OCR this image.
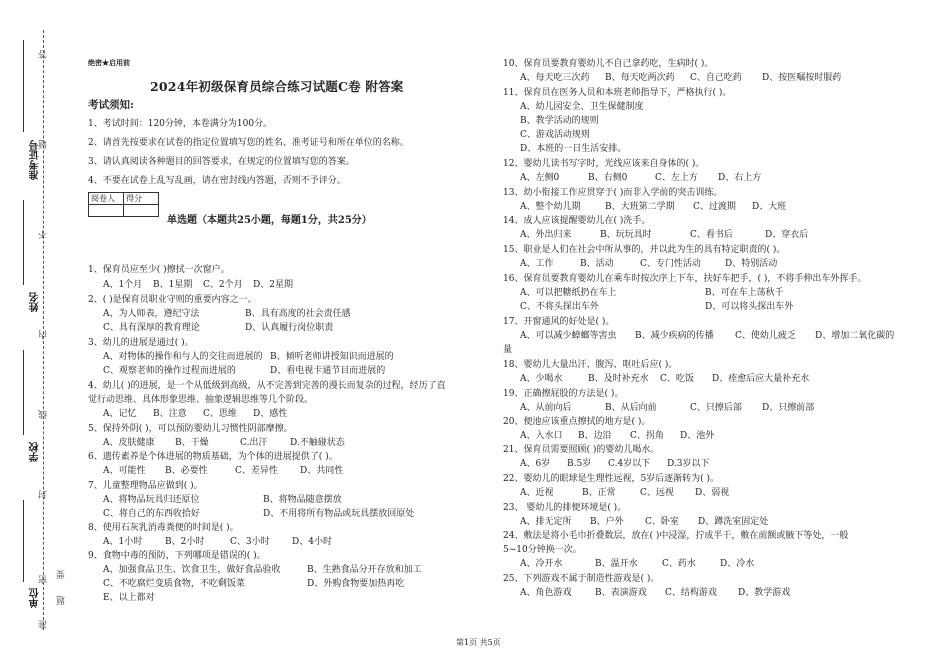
答
题
不
内
线
封
密
题
要
准
准考证号
姓名
学校
单位
绝密★启用前
2024年初级保育员综合练习试题C卷 附答案
考试须知:
1、考试时间：120分钟，本卷满分为100分。
2、请首先按要求在试卷的指定位置填写您的姓名、准考证号和所在单位的名称。
3、请认真阅读各种题目的回答要求，在规定的位置填写您的答案。
4、不要在试卷上乱写乱画，请在密封线内答题，否则不予评分。
阅卷人	得分

单选题（本题共25小题，每题1分，共25分）
1、保育员应至少( )擦拭一次窗户。
A、1个月 B、1星期 C、2个月 D、2星期
2、( )是保育员职业守则的重要内容之一。
A、为人师表，遵纪守法	B、具有高度的社会责任感
C、具有深厚的教育理论	D、认真履行岗位职责
3、幼儿的进展是通过( )。
A、对物体的操作和与人的交往而进展的 B、倾听老师讲授知识而进展的
C、观察老师的操作过程而进展的	D、看电视卡通节目而进展的
4、幼儿( )的进展，是一个从低级到高级，从不完善到完善的漫长而复杂的过程，经历了直
觉行动思维、具体形象思维、抽象逻辑思维等几个阶段。
A、记忆 B、注意 C、思维 D、感性
5、保持外阴( )，可以预防婴幼儿习惯性阴部摩擦。
A、皮肤健康 B、干燥	C.出汗	D.不触碰状态
6、遗传素养是个体进展的物质基础，为个体的进展提供了( )。
A、可能性 B、必要性	C、差异性 D、共同性
7、儿童整理物品应做到( )。
A、将物品玩具归还原位	B、将物品随意摆放
C、将自己的东西收拾好	D、不用将所有物品或玩具摆放回原处
8、使用石灰乳消毒粪便的时间是( )。
A、1小时	B、2小时	C、3小时 D、4小时
9、食物中毒的预防，下列哪项是错误的( )。
A、加强食品卫生、饮食卫生，做好食品验收	B、生熟食品分开存放和加工
C、不吃腐烂变质食物，不吃剩饭菜	D、外购食物要加热再吃
E、以上都对
10、保育员要教育婴幼儿不自己拿药吃，生病时( )。
A、每天吃三次药 B、每天吃两次药 C、自己吃药 D、按医嘱按时服药
11、保育员在医务人员和本班老师指导下，严格执行( )。
A、幼儿园安全、卫生保健制度
B、教学活动的规则
C、游戏活动规则
D、本班的一日生活安排。
12、婴幼儿读书写字时，光线应该来自身体的( )。
A、左侧0	B、右侧0	C、左上方 D、右上方
13、幼小衔接工作应贯穿于( )而非入学前的突击训练。
A、整个幼儿期	B、大班第二学期 C、过渡期 D、大班
14、成人应该提醒婴幼儿在( )洗手。
A、外出归来	B、玩玩具时	C、看书后	D、穿衣后
15、职业是人们在社会中所从事的，并以此为生的具有特定职责的( )。
A、工作	B、活动	C、专门性活动	D、特别活动
16、保育员要教育婴幼儿在乘车时按次序上下车，扶好车把手，( )，不将手伸出车外挥手。
A、可以把糖纸扔在车上	B、可在车上荡秋千
C、不将头探出车外	D、可以将头探出车外
17、开窗通风的好处是( )。
A、可以减少蟑螂等害虫 B、减少疾病的传播 C、使幼儿疲乏 D、增加二氧化碳的
量
18、婴幼儿大量出汗、腹泻、呕吐后应( )。
A、少喝水	B、及时补充水 C、吃饭 D、痊愈后应大量补充水
19、正确擦屁股的方法是( )。
A、从前向后	B、从后向前	C、只擦后部 D、只擦前部
20、便池应该重点擦拭的地方是( )。
A、入水口 B、边沿 C、拐角 D、池外
21、保育员需要照顾( )的婴幼儿喝水。
A、6岁 B.5岁 C.4岁以下 D.3岁以下
22、婴幼儿的眼球是生理性远视，5岁后逐渐转为( )。
A、近视	B、正常	C、远视 D、弱视
23、 婴幼儿的排便环境是( )。
A、排无定所 B、户外 C、卧室 D、蹲洗室固定处
24、敷法是将小毛巾折叠数层，放在( )中浸湿，拧成半干，敷在前额或腋下等处，一般
5~10分钟换一次。
A、冷开水	B、温开水	C、药水	D、冷水
25、下列游戏不属于制造性游戏是( )。
A、角色游戏	B、表演游戏 C、结构游戏 D、教学游戏
第1页 共5页
